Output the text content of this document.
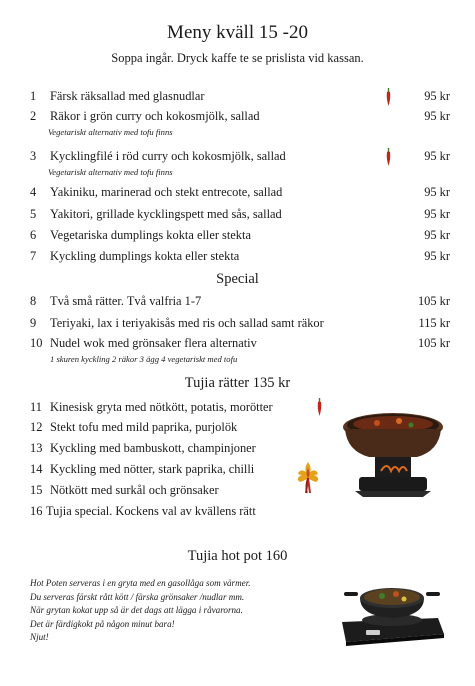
Meny kväll 15 -20
Soppa ingår. Dryck kaffe te se prislista vid kassan.
1	Färsk räksallad med glasnudlar	95 kr
2	Räkor i grön curry och kokosmjölk, sallad	95 kr
Vegetariskt alternativ med tofu finns
3	Kycklingfilé i röd curry och kokosmjölk, sallad	95 kr
Vegetariskt alternativ med tofu finns
4	Yakiniku, marinerad och stekt entrecote, sallad	95 kr
5	Yakitori, grillade kycklingspett med sås, sallad	95 kr
6	Vegetariska dumplings kokta eller stekta	95 kr
7	Kyckling dumplings kokta eller stekta	95 kr
Special
8	Två små rätter. Två valfria 1-7	105 kr
9	Teriyaki, lax i teriyakisås med ris och sallad samt räkor	115 kr
10 Nudel wok med grönsaker flera alternativ	105 kr
1 skuren kyckling 2 räkor 3 ägg 4 vegetariskt med tofu
Tujia rätter 135 kr
11 Kinesisk gryta med nötkött, potatis, morötter
12 Stekt tofu med mild paprika, purjolök
13 Kyckling med bambuskott, champinjoner
14 Kyckling med nötter, stark paprika, chilli
15 Nötkött med surkål och grönsaker
16 Tujia special. Kockens val av kvällens rätt
Tujia hot pot 160
Hot Poten serveras i en gryta med en gasollåga som värmer.
Du serveras färskt rått kött / färska grönsaker /nudlar mm.
När grytan kokat upp så är det dags att lägga i råvarorna.
Det är färdigkokt på någon minut bara!
Njut!
